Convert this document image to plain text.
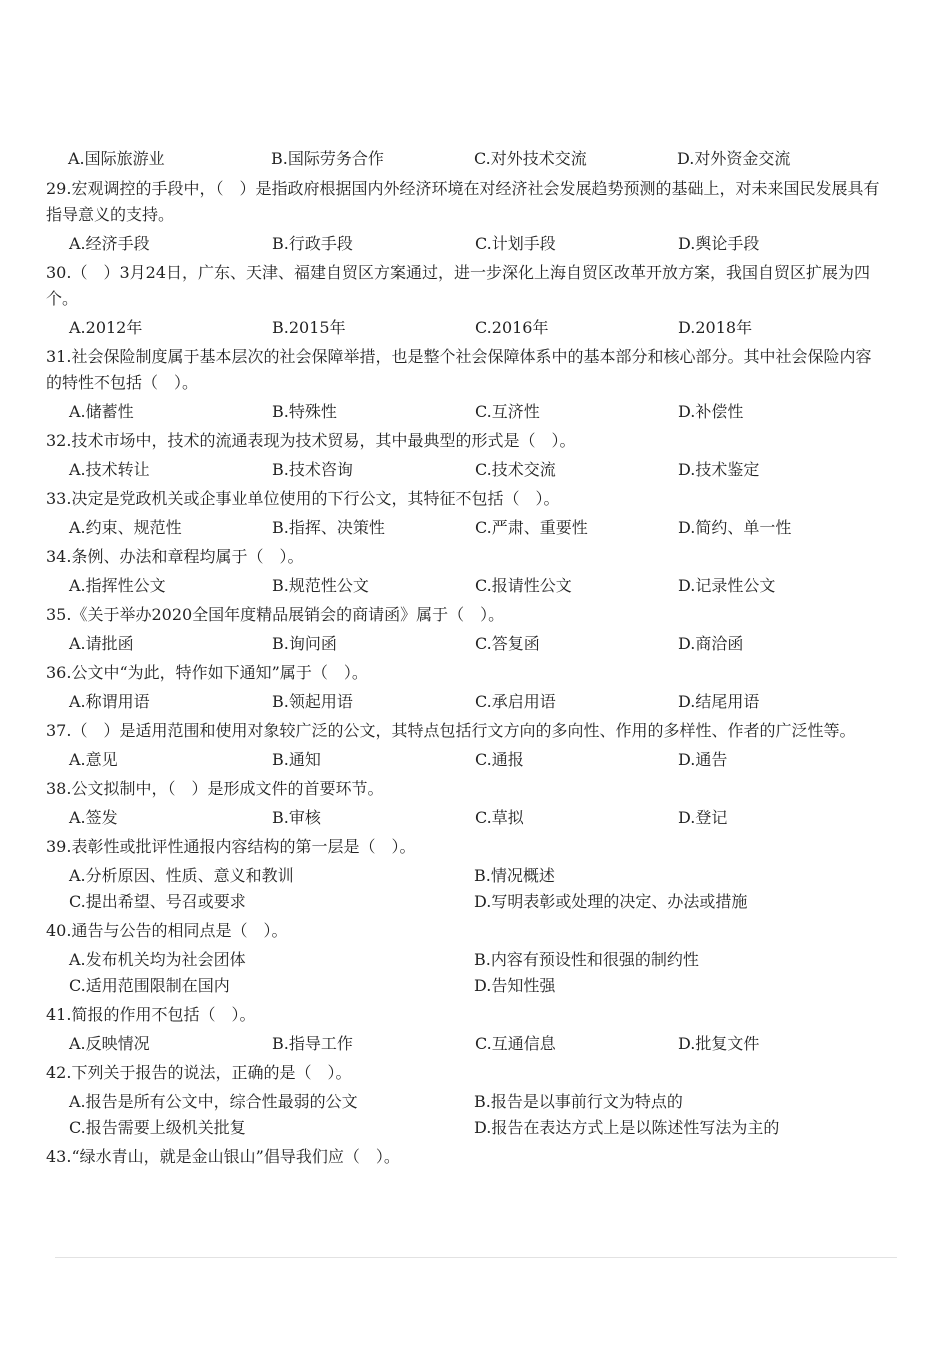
A.国际旅游业	B.国际劳务合作	C.对外技术交流	D.对外资金交流
29.宏观调控的手段中，（　）是指政府根据国内外经济环境在对经济社会发展趋势预测的基础上，对未来国民发展具有指导意义的支持。
A.经济手段	B.行政手段	C.计划手段	D.舆论手段
30.（　）3月24日，广东、天津、福建自贸区方案通过，进一步深化上海自贸区改革开放方案，我国自贸区扩展为四个。
A.2012年	B.2015年	C.2016年	D.2018年
31.社会保险制度属于基本层次的社会保障举措，也是整个社会保障体系中的基本部分和核心部分。其中社会保险内容的特性不包括（　）。
A.储蓄性	B.特殊性	C.互济性	D.补偿性
32.技术市场中，技术的流通表现为技术贸易，其中最典型的形式是（　）。
A.技术转让	B.技术咨询	C.技术交流	D.技术鉴定
33.决定是党政机关或企事业单位使用的下行公文，其特征不包括（　）。
A.约束、规范性	B.指挥、决策性	C.严肃、重要性	D.简约、单一性
34.条例、办法和章程均属于（　）。
A.指挥性公文	B.规范性公文	C.报请性公文	D.记录性公文
35.《关于举办2020全国年度精品展销会的商请函》属于（　）。
A.请批函	B.询问函	C.答复函	D.商洽函
36.公文中“为此，特作如下通知”属于（　）。
A.称谓用语	B.领起用语	C.承启用语	D.结尾用语
37.（　）是适用范围和使用对象较广泛的公文，其特点包括行文方向的多向性、作用的多样性、作者的广泛性等。
A.意见	B.通知	C.通报	D.通告
38.公文拟制中，（　）是形成文件的首要环节。
A.签发	B.审核	C.草拟	D.登记
39.表彰性或批评性通报内容结构的第一层是（　）。
A.分析原因、性质、意义和教训	B.情况概述
C.提出希望、号召或要求	D.写明表彰或处理的决定、办法或措施
40.通告与公告的相同点是（　）。
A.发布机关均为社会团体	B.内容有预设性和很强的制约性
C.适用范围限制在国内	D.告知性强
41.简报的作用不包括（　）。
A.反映情况	B.指导工作	C.互通信息	D.批复文件
42.下列关于报告的说法，正确的是（　）。
A.报告是所有公文中，综合性最弱的公文	B.报告是以事前行文为特点的
C.报告需要上级机关批复	D.报告在表达方式上是以陈述性写法为主的
43.“绿水青山，就是金山银山”倡导我们应（　）。
